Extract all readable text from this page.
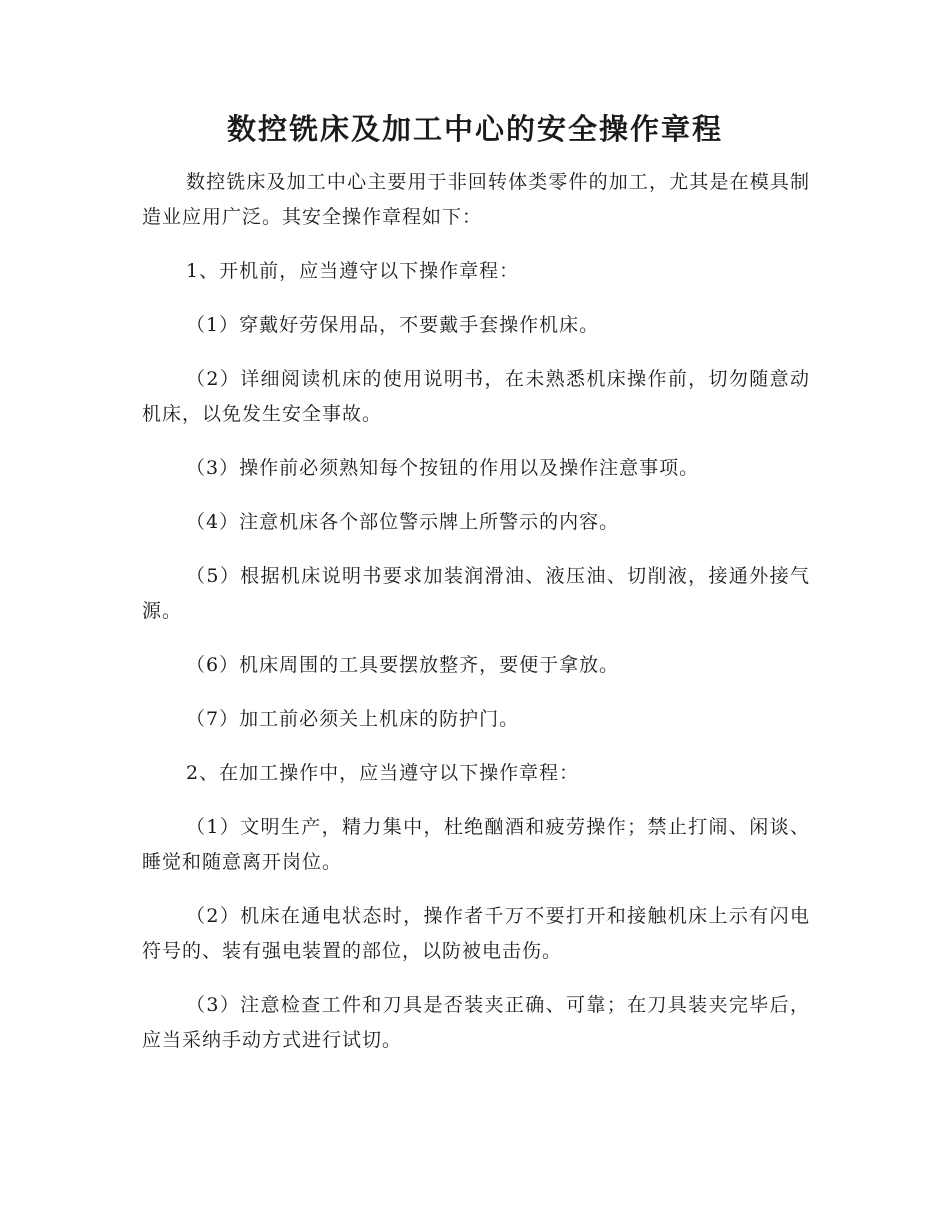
数控铣床及加工中心的安全操作章程

数控铣床及加工中心主要用于非回转体类零件的加工，尤其是在模具制造业应用广泛。其安全操作章程如下：

1、开机前，应当遵守以下操作章程：

（1）穿戴好劳保用品，不要戴手套操作机床。

（2）详细阅读机床的使用说明书，在未熟悉机床操作前，切勿随意动机床，以免发生安全事故。

（3）操作前必须熟知每个按钮的作用以及操作注意事项。

（4）注意机床各个部位警示牌上所警示的内容。

（5）根据机床说明书要求加装润滑油、液压油、切削液，接通外接气源。

（6）机床周围的工具要摆放整齐，要便于拿放。

（7）加工前必须关上机床的防护门。

2、在加工操作中，应当遵守以下操作章程：

（1）文明生产，精力集中，杜绝酗酒和疲劳操作；禁止打闹、闲谈、睡觉和随意离开岗位。

（2）机床在通电状态时，操作者千万不要打开和接触机床上示有闪电符号的、装有强电装置的部位，以防被电击伤。

（3）注意检查工件和刀具是否装夹正确、可靠；在刀具装夹完毕后，应当采纳手动方式进行试切。
